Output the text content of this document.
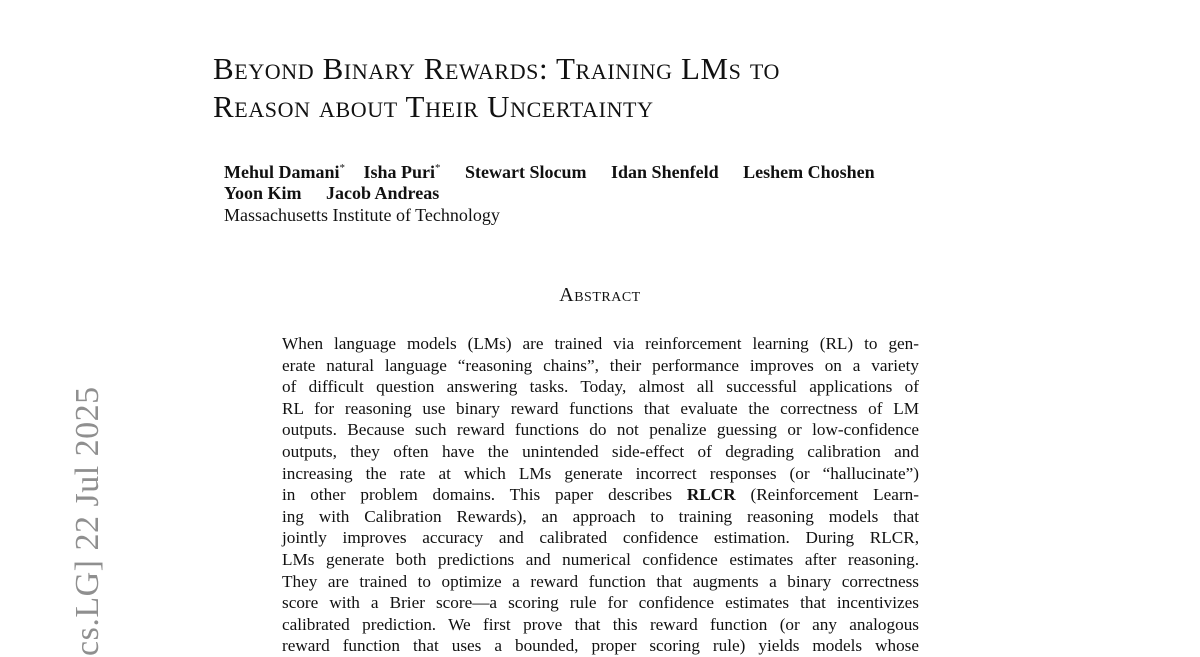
cs.LG] 22 Jul 2025
Beyond Binary Rewards: Training LMs to
Reason about Their Uncertainty
Mehul Damani* Isha Puri* Stewart Slocum Idan Shenfeld Leshem Choshen
Yoon Kim Jacob Andreas
Massachusetts Institute of Technology
Abstract
When language models (LMs) are trained via reinforcement learning (RL) to gen-
erate natural language “reasoning chains”, their performance improves on a variety
of difficult question answering tasks. Today, almost all successful applications of
RL for reasoning use binary reward functions that evaluate the correctness of LM
outputs. Because such reward functions do not penalize guessing or low-confidence
outputs, they often have the unintended side-effect of degrading calibration and
increasing the rate at which LMs generate incorrect responses (or “hallucinate”)
in other problem domains. This paper describes RLCR (Reinforcement Learn-
ing with Calibration Rewards), an approach to training reasoning models that
jointly improves accuracy and calibrated confidence estimation. During RLCR,
LMs generate both predictions and numerical confidence estimates after reasoning.
They are trained to optimize a reward function that augments a binary correctness
score with a Brier score—a scoring rule for confidence estimates that incentivizes
calibrated prediction. We first prove that this reward function (or any analogous
reward function that uses a bounded, proper scoring rule) yields models whose
